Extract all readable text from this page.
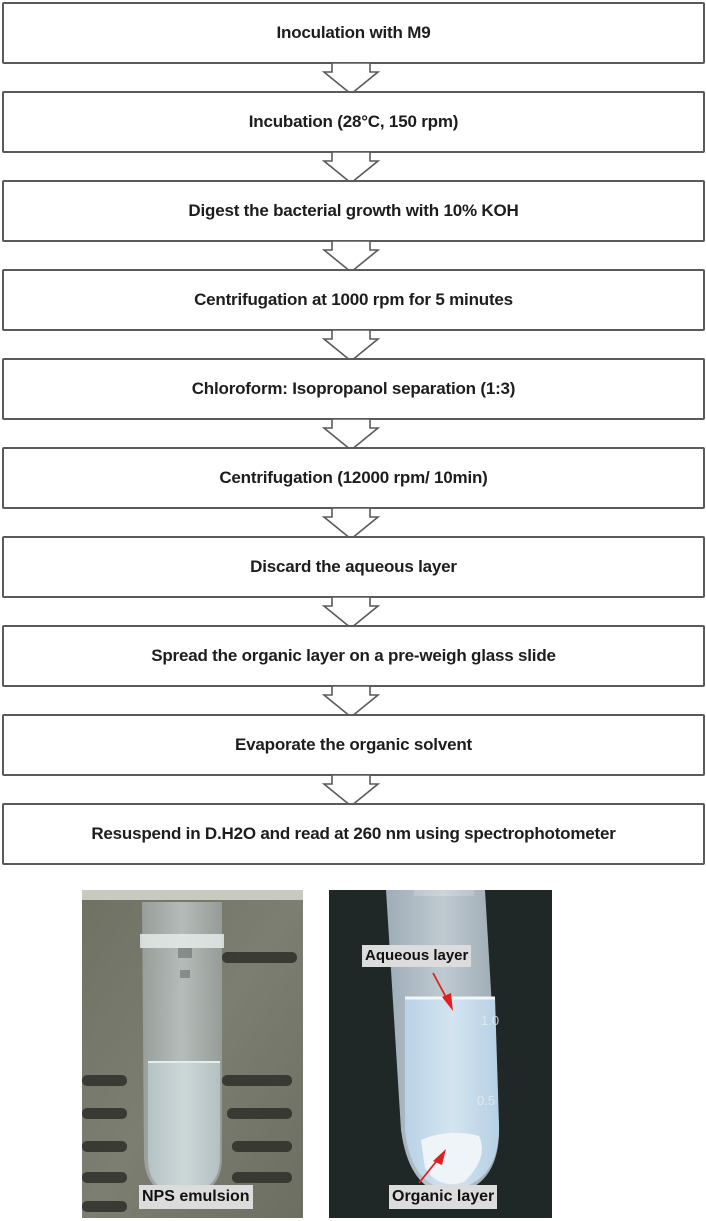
Inoculation with M9
Incubation (28°C, 150 rpm)
Digest the bacterial growth with 10% KOH
Centrifugation at 1000 rpm for 5 minutes
Chloroform: Isopropanol separation (1:3)
Centrifugation (12000 rpm/ 10min)
Discard the aqueous layer
Spread the organic layer on a pre-weigh glass slide
Evaporate the organic solvent
Resuspend in D.H2O and read at 260 nm using spectrophotometer
NPS emulsion
1.0
0.5
Aqueous layer
Organic layer
